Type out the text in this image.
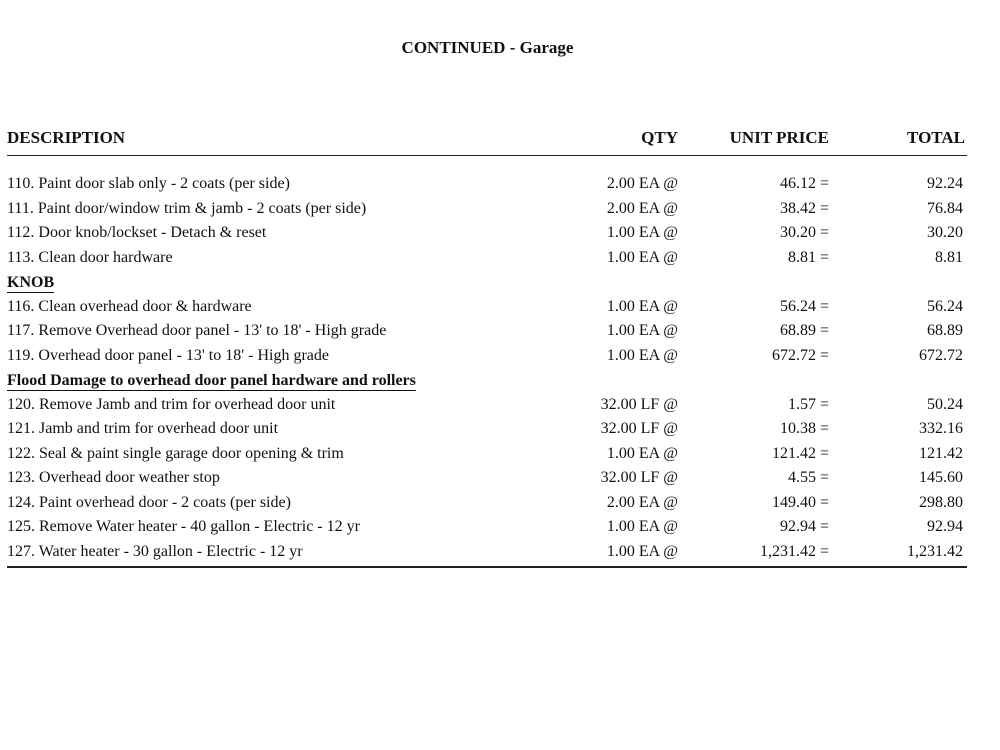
CONTINUED - Garage
DESCRIPTION	QTY	UNIT PRICE	TOTAL
110. Paint door slab only - 2 coats (per side)	2.00 EA @	46.12 =	92.24
111. Paint door/window trim & jamb - 2 coats (per side)	2.00 EA @	38.42 =	76.84
112. Door knob/lockset - Detach & reset	1.00 EA @	30.20 =	30.20
113. Clean door hardware	1.00 EA @	8.81 =	8.81
KNOB
116. Clean overhead door & hardware	1.00 EA @	56.24 =	56.24
117. Remove Overhead door panel - 13' to 18' - High grade	1.00 EA @	68.89 =	68.89
119. Overhead door panel - 13' to 18' - High grade	1.00 EA @	672.72 =	672.72
Flood Damage to overhead door panel hardware and rollers
120. Remove Jamb and trim for overhead door unit	32.00 LF @	1.57 =	50.24
121. Jamb and trim for overhead door unit	32.00 LF @	10.38 =	332.16
122. Seal & paint single garage door opening & trim	1.00 EA @	121.42 =	121.42
123. Overhead door weather stop	32.00 LF @	4.55 =	145.60
124. Paint overhead door - 2 coats (per side)	2.00 EA @	149.40 =	298.80
125. Remove Water heater - 40 gallon - Electric - 12 yr	1.00 EA @	92.94 =	92.94
127. Water heater - 30 gallon - Electric - 12 yr	1.00 EA @	1,231.42 =	1,231.42
